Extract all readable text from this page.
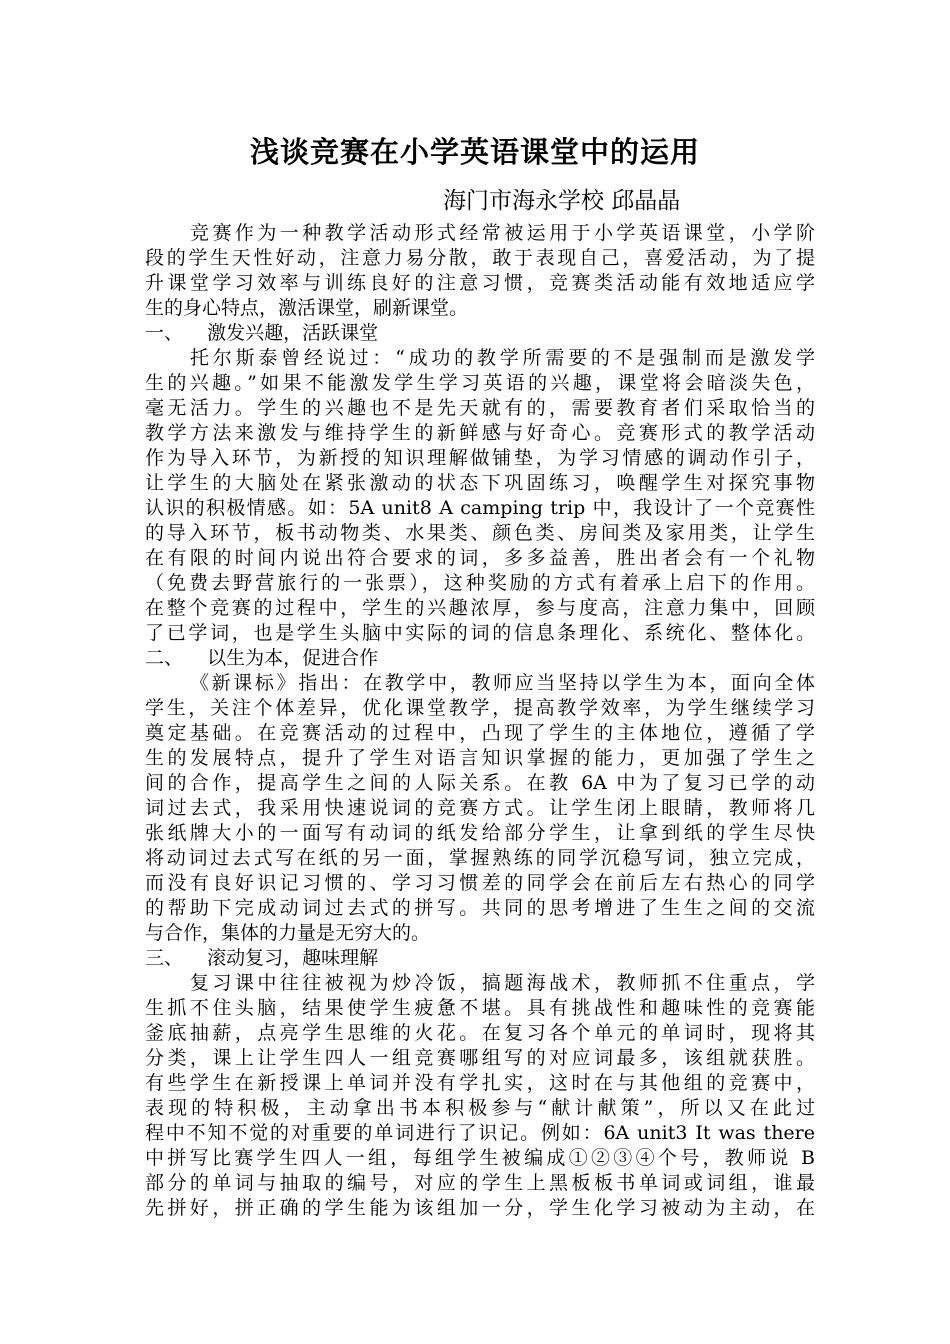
浅谈竞赛在小学英语课堂中的运用
海门市海永学校 邱晶晶
竞赛作为一种教学活动形式经常被运用于小学英语课堂，小学阶
段的学生天性好动，注意力易分散，敢于表现自己，喜爱活动，为了提
升课堂学习效率与训练良好的注意习惯，竞赛类活动能有效地适应学
生的身心特点，激活课堂，刷新课堂。
一、    激发兴趣，活跃课堂
托尔斯泰曾经说过：“成功的教学所需要的不是强制而是激发学
生的兴趣。”如果不能激发学生学习英语的兴趣，课堂将会暗淡失色，
毫无活力。学生的兴趣也不是先天就有的，需要教育者们采取恰当的
教学方法来激发与维持学生的新鲜感与好奇心。竞赛形式的教学活动
作为导入环节，为新授的知识理解做铺垫，为学习情感的调动作引子，
让学生的大脑处在紧张激动的状态下巩固练习，唤醒学生对探究事物
认识的积极情感。如：5A unit8 A camping trip 中，我设计了一个竞赛性
的导入环节，板书动物类、水果类、颜色类、房间类及家用类，让学生
在有限的时间内说出符合要求的词，多多益善，胜出者会有一个礼物
（免费去野营旅行的一张票），这种奖励的方式有着承上启下的作用。
在整个竞赛的过程中，学生的兴趣浓厚，参与度高，注意力集中，回顾
了已学词，也是学生头脑中实际的词的信息条理化、系统化、整体化。
二、    以生为本，促进合作
《新课标》指出：在教学中，教师应当坚持以学生为本，面向全体
学生，关注个体差异，优化课堂教学，提高教学效率，为学生继续学习
奠定基础。在竞赛活动的过程中，凸现了学生的主体地位，遵循了学
生的发展特点，提升了学生对语言知识掌握的能力，更加强了学生之
间的合作，提高学生之间的人际关系。在教 6A 中为了复习已学的动
词过去式，我采用快速说词的竞赛方式。让学生闭上眼睛，教师将几
张纸牌大小的一面写有动词的纸发给部分学生，让拿到纸的学生尽快
将动词过去式写在纸的另一面，掌握熟练的同学沉稳写词，独立完成，
而没有良好识记习惯的、学习习惯差的同学会在前后左右热心的同学
的帮助下完成动词过去式的拼写。共同的思考增进了生生之间的交流
与合作，集体的力量是无穷大的。
三、    滚动复习，趣味理解
复习课中往往被视为炒冷饭，搞题海战术，教师抓不住重点，学
生抓不住头脑，结果使学生疲惫不堪。具有挑战性和趣味性的竞赛能
釜底抽薪，点亮学生思维的火花。在复习各个单元的单词时，现将其
分类，课上让学生四人一组竞赛哪组写的对应词最多，该组就获胜。
有些学生在新授课上单词并没有学扎实，这时在与其他组的竞赛中，
表现的特积极，主动拿出书本积极参与“献计献策”，所以又在此过
程中不知不觉的对重要的单词进行了识记。例如：6A unit3 It was there
中拼写比赛学生四人一组，每组学生被编成①②③④个号，教师说 B
部分的单词与抽取的编号，对应的学生上黑板板书单词或词组，谁最
先拼好，拼正确的学生能为该组加一分，学生化学习被动为主动，在
